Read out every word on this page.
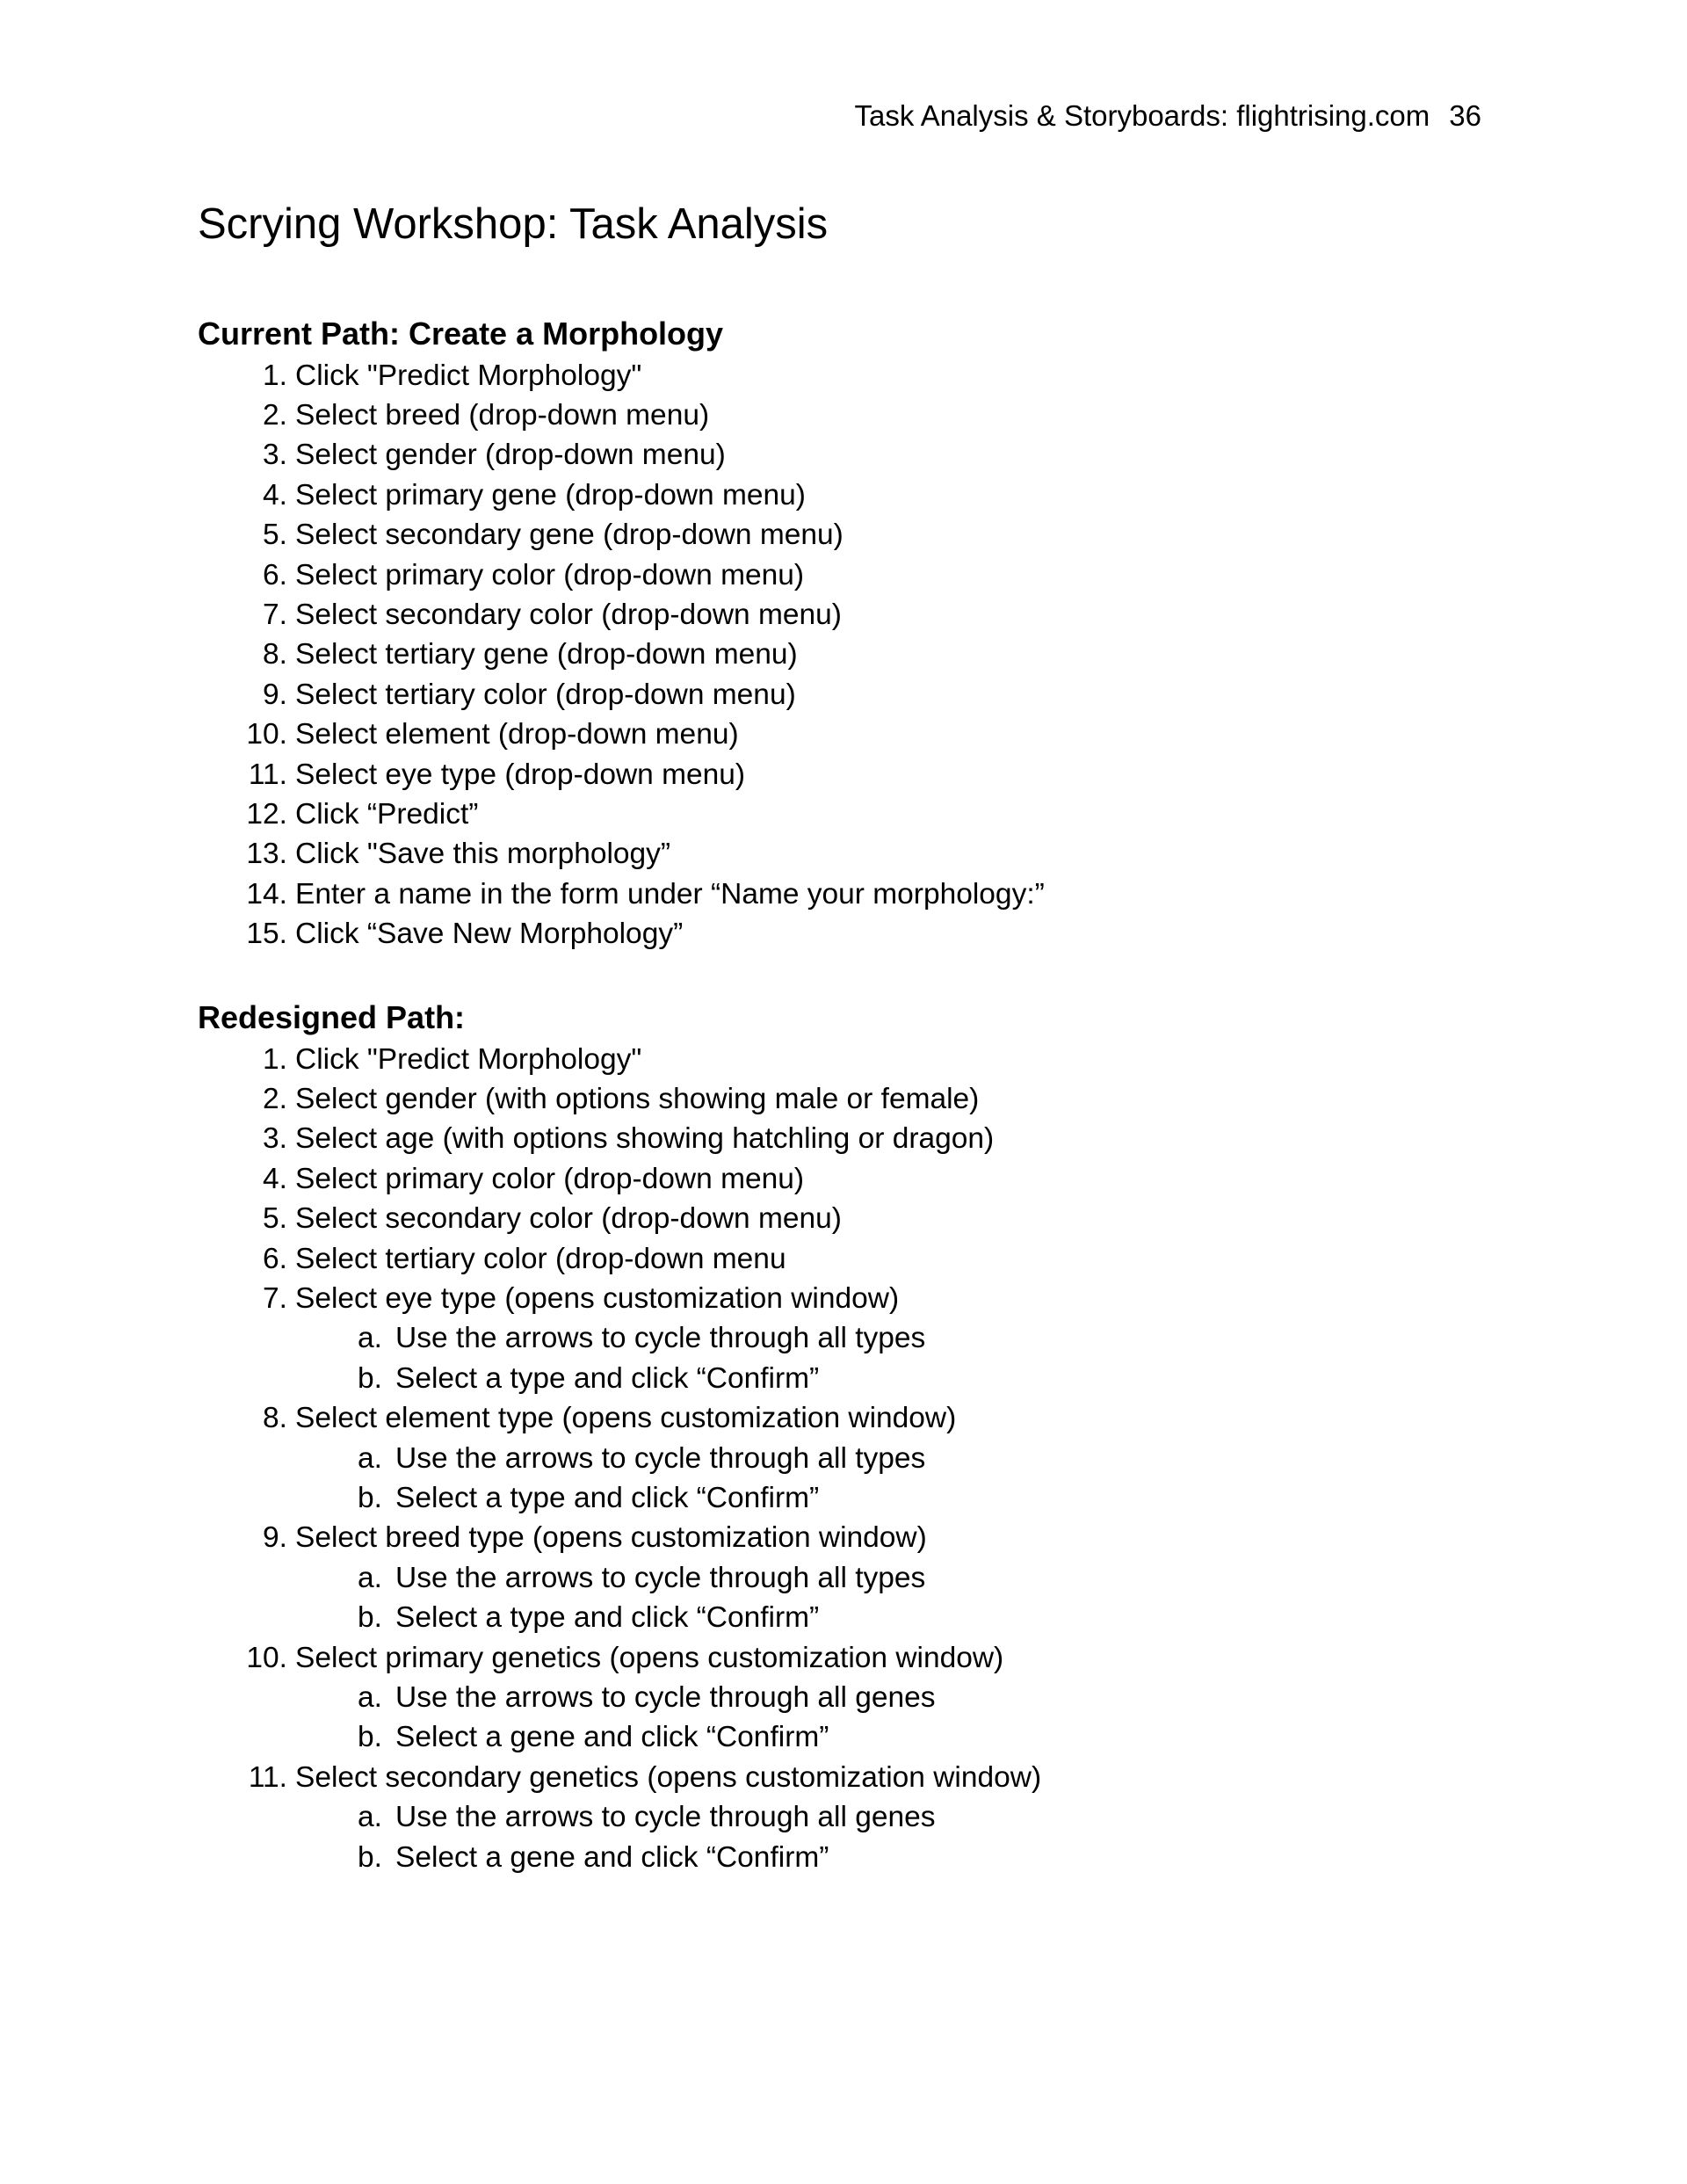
Task Analysis & Storyboards: flightrising.com 36
Scrying Workshop: Task Analysis
Current Path: Create a Morphology
1. Click "Predict Morphology"
2. Select breed (drop-down menu)
3. Select gender (drop-down menu)
4. Select primary gene (drop-down menu)
5. Select secondary gene (drop-down menu)
6. Select primary color (drop-down menu)
7. Select secondary color (drop-down menu)
8. Select tertiary gene (drop-down menu)
9. Select tertiary color (drop-down menu)
10. Select element (drop-down menu)
11. Select eye type (drop-down menu)
12. Click “Predict”
13. Click "Save this morphology”
14. Enter a name in the form under “Name your morphology:”
15. Click “Save New Morphology”
Redesigned Path:
1. Click "Predict Morphology"
2. Select gender (with options showing male or female)
3. Select age (with options showing hatchling or dragon)
4. Select primary color (drop-down menu)
5. Select secondary color (drop-down menu)
6. Select tertiary color (drop-down menu
7. Select eye type (opens customization window)
a. Use the arrows to cycle through all types
b. Select a type and click “Confirm”
8. Select element type (opens customization window)
a. Use the arrows to cycle through all types
b. Select a type and click “Confirm”
9. Select breed type (opens customization window)
a. Use the arrows to cycle through all types
b. Select a type and click “Confirm”
10. Select primary genetics (opens customization window)
a. Use the arrows to cycle through all genes
b. Select a gene and click “Confirm”
11. Select secondary genetics (opens customization window)
a. Use the arrows to cycle through all genes
b. Select a gene and click “Confirm”
